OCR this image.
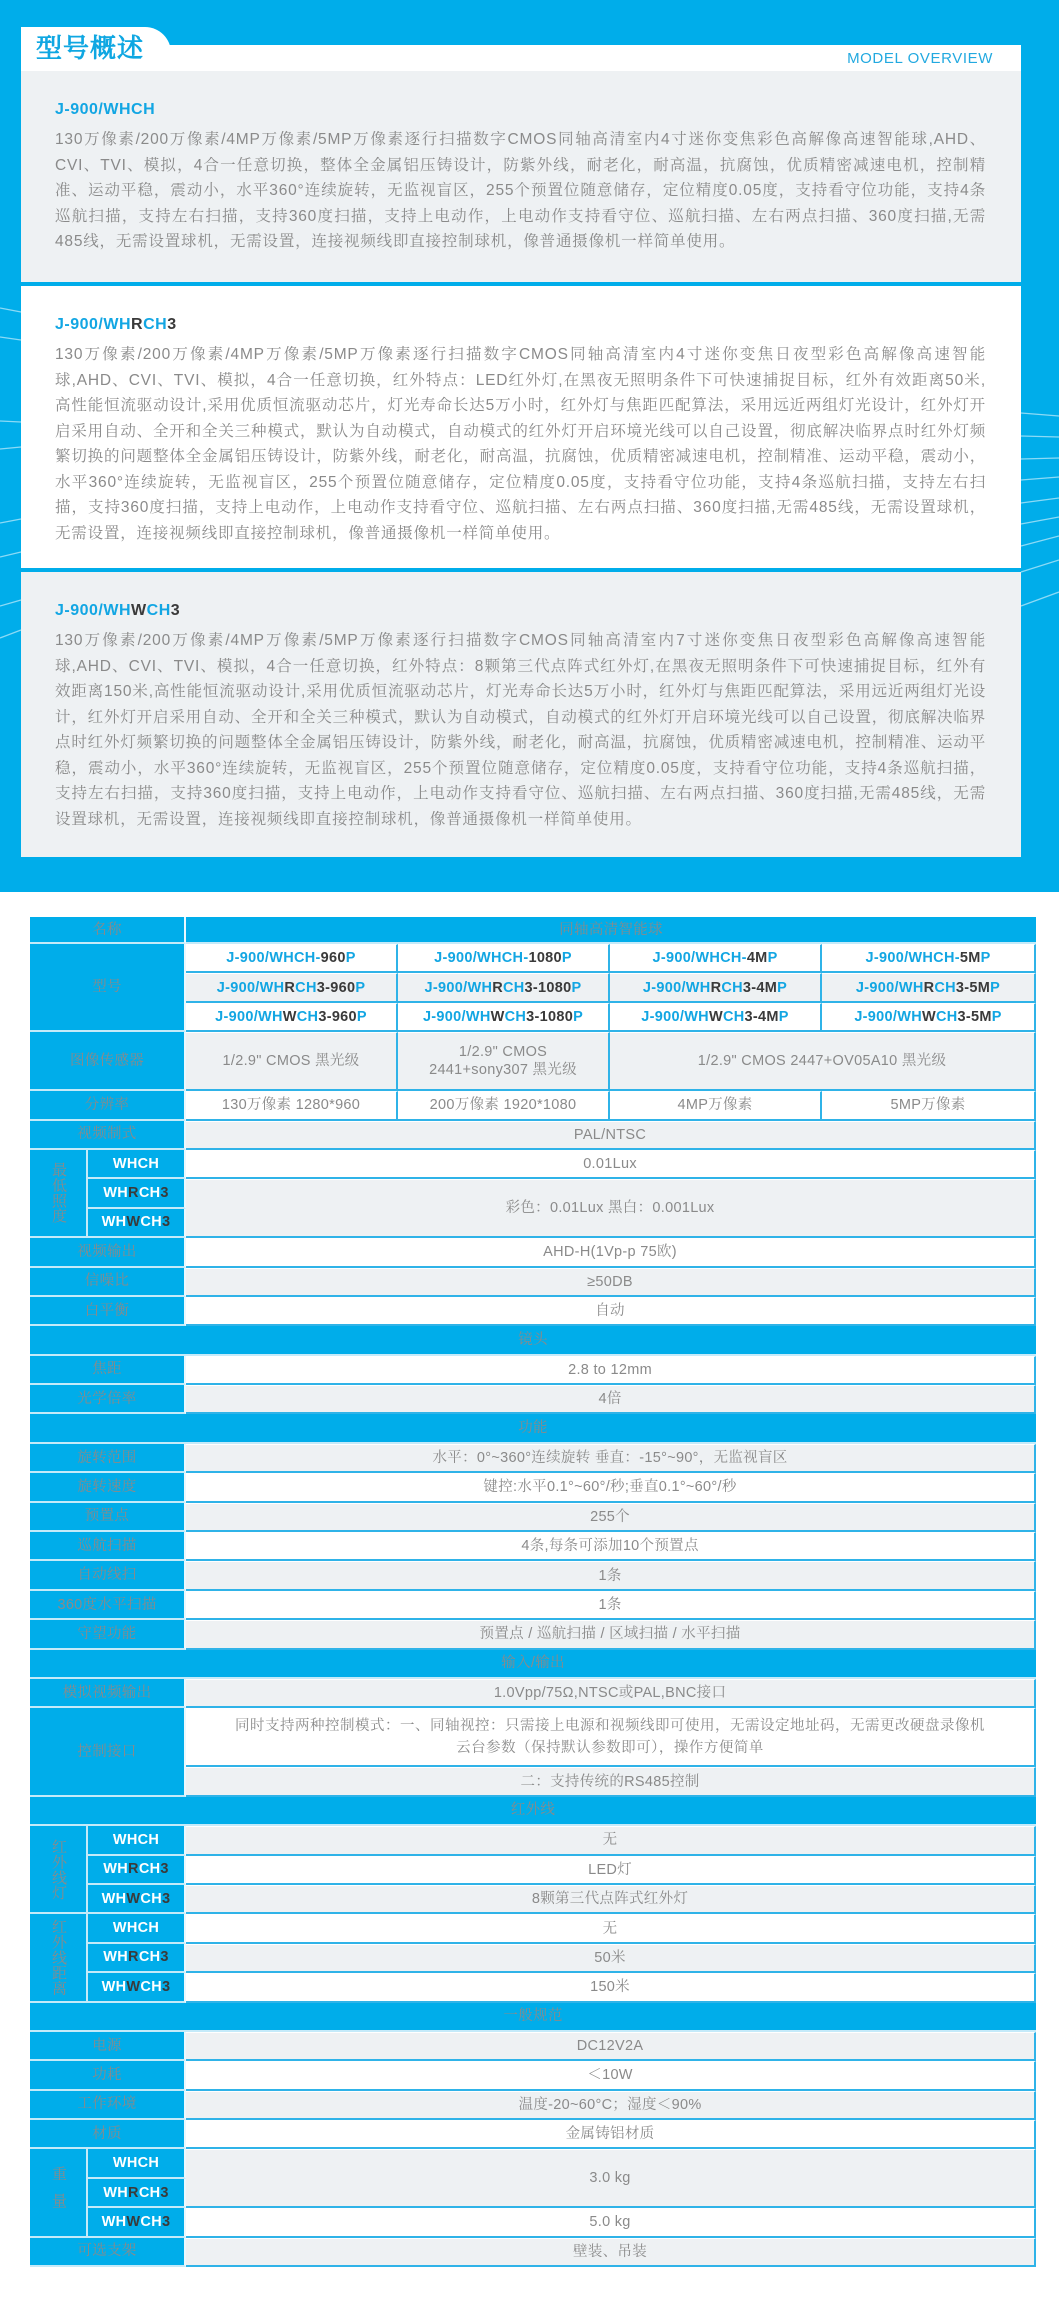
型号概述	MODEL OVERVIEW
J-900/WHCH
130万像素/200万像素/4MP万像素/5MP万像素逐行扫描数字CMOS同轴高清室内4寸迷你变焦彩色高解像高速智能球,AHD、CVI、TVI、模拟，4合一任意切换，整体全金属铝压铸设计，防紫外线，耐老化，耐高温，抗腐蚀，优质精密减速电机，控制精准、运动平稳，震动小，水平360°连续旋转，无监视盲区，255个预置位随意储存，定位精度0.05度，支持看守位功能，支持4条巡航扫描，支持左右扫描，支持360度扫描，支持上电动作，上电动作支持看守位、巡航扫描、左右两点扫描、360度扫描,无需485线，无需设置球机，无需设置，连接视频线即直接控制球机，像普通摄像机一样简单使用。
J-900/WHRCH3
130万像素/200万像素/4MP万像素/5MP万像素逐行扫描数字CMOS同轴高清室内4寸迷你变焦日夜型彩色高解像高速智能球,AHD、CVI、TVI、模拟，4合一任意切换，红外特点：LED红外灯,在黑夜无照明条件下可快速捕捉目标，红外有效距离50米,高性能恒流驱动设计,采用优质恒流驱动芯片，灯光寿命长达5万小时，红外灯与焦距匹配算法，采用远近两组灯光设计，红外灯开启采用自动、全开和全关三种模式，默认为自动模式，自动模式的红外灯开启环境光线可以自己设置，彻底解决临界点时红外灯频繁切换的问题整体全金属铝压铸设计，防紫外线，耐老化，耐高温，抗腐蚀，优质精密减速电机，控制精准、运动平稳，震动小，水平360°连续旋转，无监视盲区，255个预置位随意储存，定位精度0.05度，支持看守位功能，支持4条巡航扫描，支持左右扫描，支持360度扫描，支持上电动作，上电动作支持看守位、巡航扫描、左右两点扫描、360度扫描,无需485线，无需设置球机，无需设置，连接视频线即直接控制球机，像普通摄像机一样简单使用。
J-900/WHWCH3
130万像素/200万像素/4MP万像素/5MP万像素逐行扫描数字CMOS同轴高清室内7寸迷你变焦日夜型彩色高解像高速智能球,AHD、CVI、TVI、模拟，4合一任意切换，红外特点：8颗第三代点阵式红外灯,在黑夜无照明条件下可快速捕捉目标，红外有效距离150米,高性能恒流驱动设计,采用优质恒流驱动芯片，灯光寿命长达5万小时，红外灯与焦距匹配算法，采用远近两组灯光设计，红外灯开启采用自动、全开和全关三种模式，默认为自动模式，自动模式的红外灯开启环境光线可以自己设置，彻底解决临界点时红外灯频繁切换的问题整体全金属铝压铸设计，防紫外线，耐老化，耐高温，抗腐蚀，优质精密减速电机，控制精准、运动平稳，震动小，水平360°连续旋转，无监视盲区，255个预置位随意储存，定位精度0.05度，支持看守位功能，支持4条巡航扫描，支持左右扫描，支持360度扫描，支持上电动作，上电动作支持看守位、巡航扫描、左右两点扫描、360度扫描,无需485线，无需设置球机，无需设置，连接视频线即直接控制球机，像普通摄像机一样简单使用。
名称		同轴高清智能球			
型号		J-900/WHCH-960P	J-900/WHCH-1080P	J-900/WHCH-4MP	J-900/WHCH-5MP
		J-900/WHRCH3-960P	J-900/WHRCH3-1080P	J-900/WHRCH3-4MP	J-900/WHRCH3-5MP
		J-900/WHWCH3-960P	J-900/WHWCH3-1080P	J-900/WHWCH3-4MP	J-900/WHWCH3-5MP
图像传感器		1/2.9" CMOS 黑光级	1/2.9" CMOS
2441+sony307 黑光级	1/2.9" CMOS 2447+OV05A10 黑光级	
分辨率		130万像素 1280*960	200万像素 1920*1080	4MP万像素	5MP万像素
视频制式		PAL/NTSC			

最低照度	WHCH	0.01Lux			
	WHRCH3	彩色：0.01Lux 黑白：0.001Lux			
	WHWCH3				
视频输出		AHD-H(1Vp-p 75欧)			
信噪比		≥50DB			
白平衡		自动			
镜头					
焦距		2.8 to 12mm			
光学倍率		4倍			
功能					
旋转范围		水平：0°~360°连续旋转 垂直：-15°~90°，无监视盲区			
旋转速度		键控:水平0.1°~60°/秒;垂直0.1°~60°/秒			
预置点		255个			
巡航扫描		4条,每条可添加10个预置点			
自动线扫		1条			
360度水平扫描		1条			
守望功能		预置点 / 巡航扫描 / 区域扫描 / 水平扫描			
输入/输出					
模拟视频输出		1.0Vpp/75Ω,NTSC或PAL,BNC接口			
控制接口		同时支持两种控制模式：一、同轴视控：只需接上电源和视频线即可使用，无需设定地址码，无需更改硬盘录像机云台参数（保持默认参数即可），操作方便简单			

		二：支持传统的RS485控制			
红外线					

红外线灯	WHCH	无			
	WHRCH3	LED灯			
	WHWCH3	8颗第三代点阵式红外灯			

红外线距离	WHCH	无			
	WHRCH3	50米			
	WHWCH3	150米			
一般规范					
电源		DC12V2A			
功耗		＜10W			
工作环境		温度-20~60°C；湿度＜90%			
材质		金属铸铝材质			

重量	WHCH	3.0 kg			
	WHRCH3				
	WHWCH3	5.0 kg			
可选支架		壁装、吊装			
